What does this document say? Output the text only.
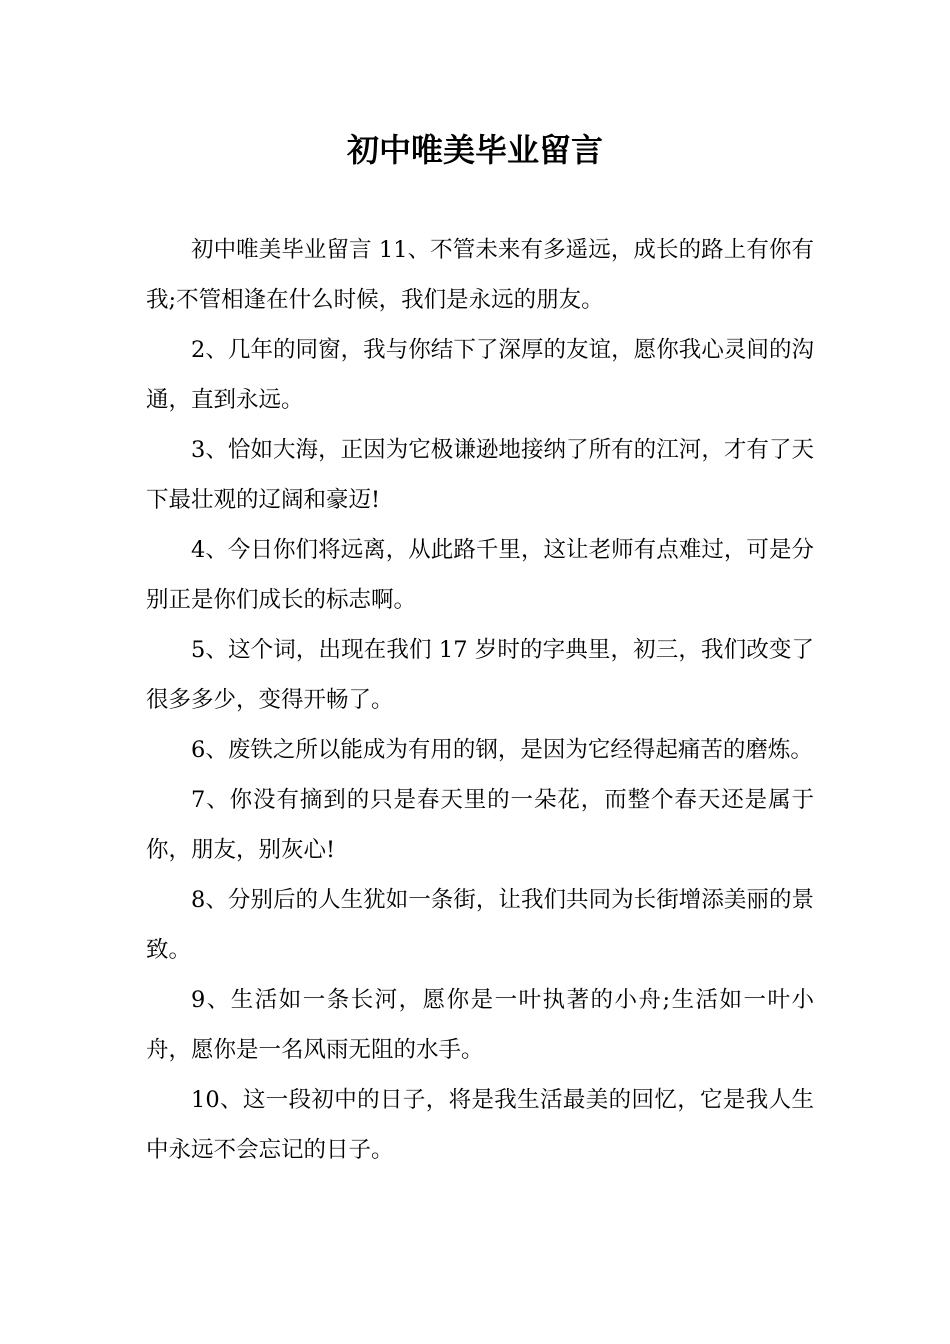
初中唯美毕业留言

初中唯美毕业留言 11、不管未来有多遥远，成长的路上有你有我;不管相逢在什么时候，我们是永远的朋友。

2、几年的同窗，我与你结下了深厚的友谊，愿你我心灵间的沟通，直到永远。

3、恰如大海，正因为它极谦逊地接纳了所有的江河，才有了天下最壮观的辽阔和豪迈!

4、今日你们将远离，从此路千里，这让老师有点难过，可是分别正是你们成长的标志啊。

5、这个词，出现在我们 17 岁时的字典里，初三，我们改变了很多多少，变得开畅了。

6、废铁之所以能成为有用的钢，是因为它经得起痛苦的磨炼。

7、你没有摘到的只是春天里的一朵花，而整个春天还是属于你，朋友，别灰心!

8、分别后的人生犹如一条街，让我们共同为长街增添美丽的景致。

9、生活如一条长河，愿你是一叶执著的小舟;生活如一叶小舟，愿你是一名风雨无阻的水手。

10、这一段初中的日子，将是我生活最美的回忆，它是我人生中永远不会忘记的日子。
